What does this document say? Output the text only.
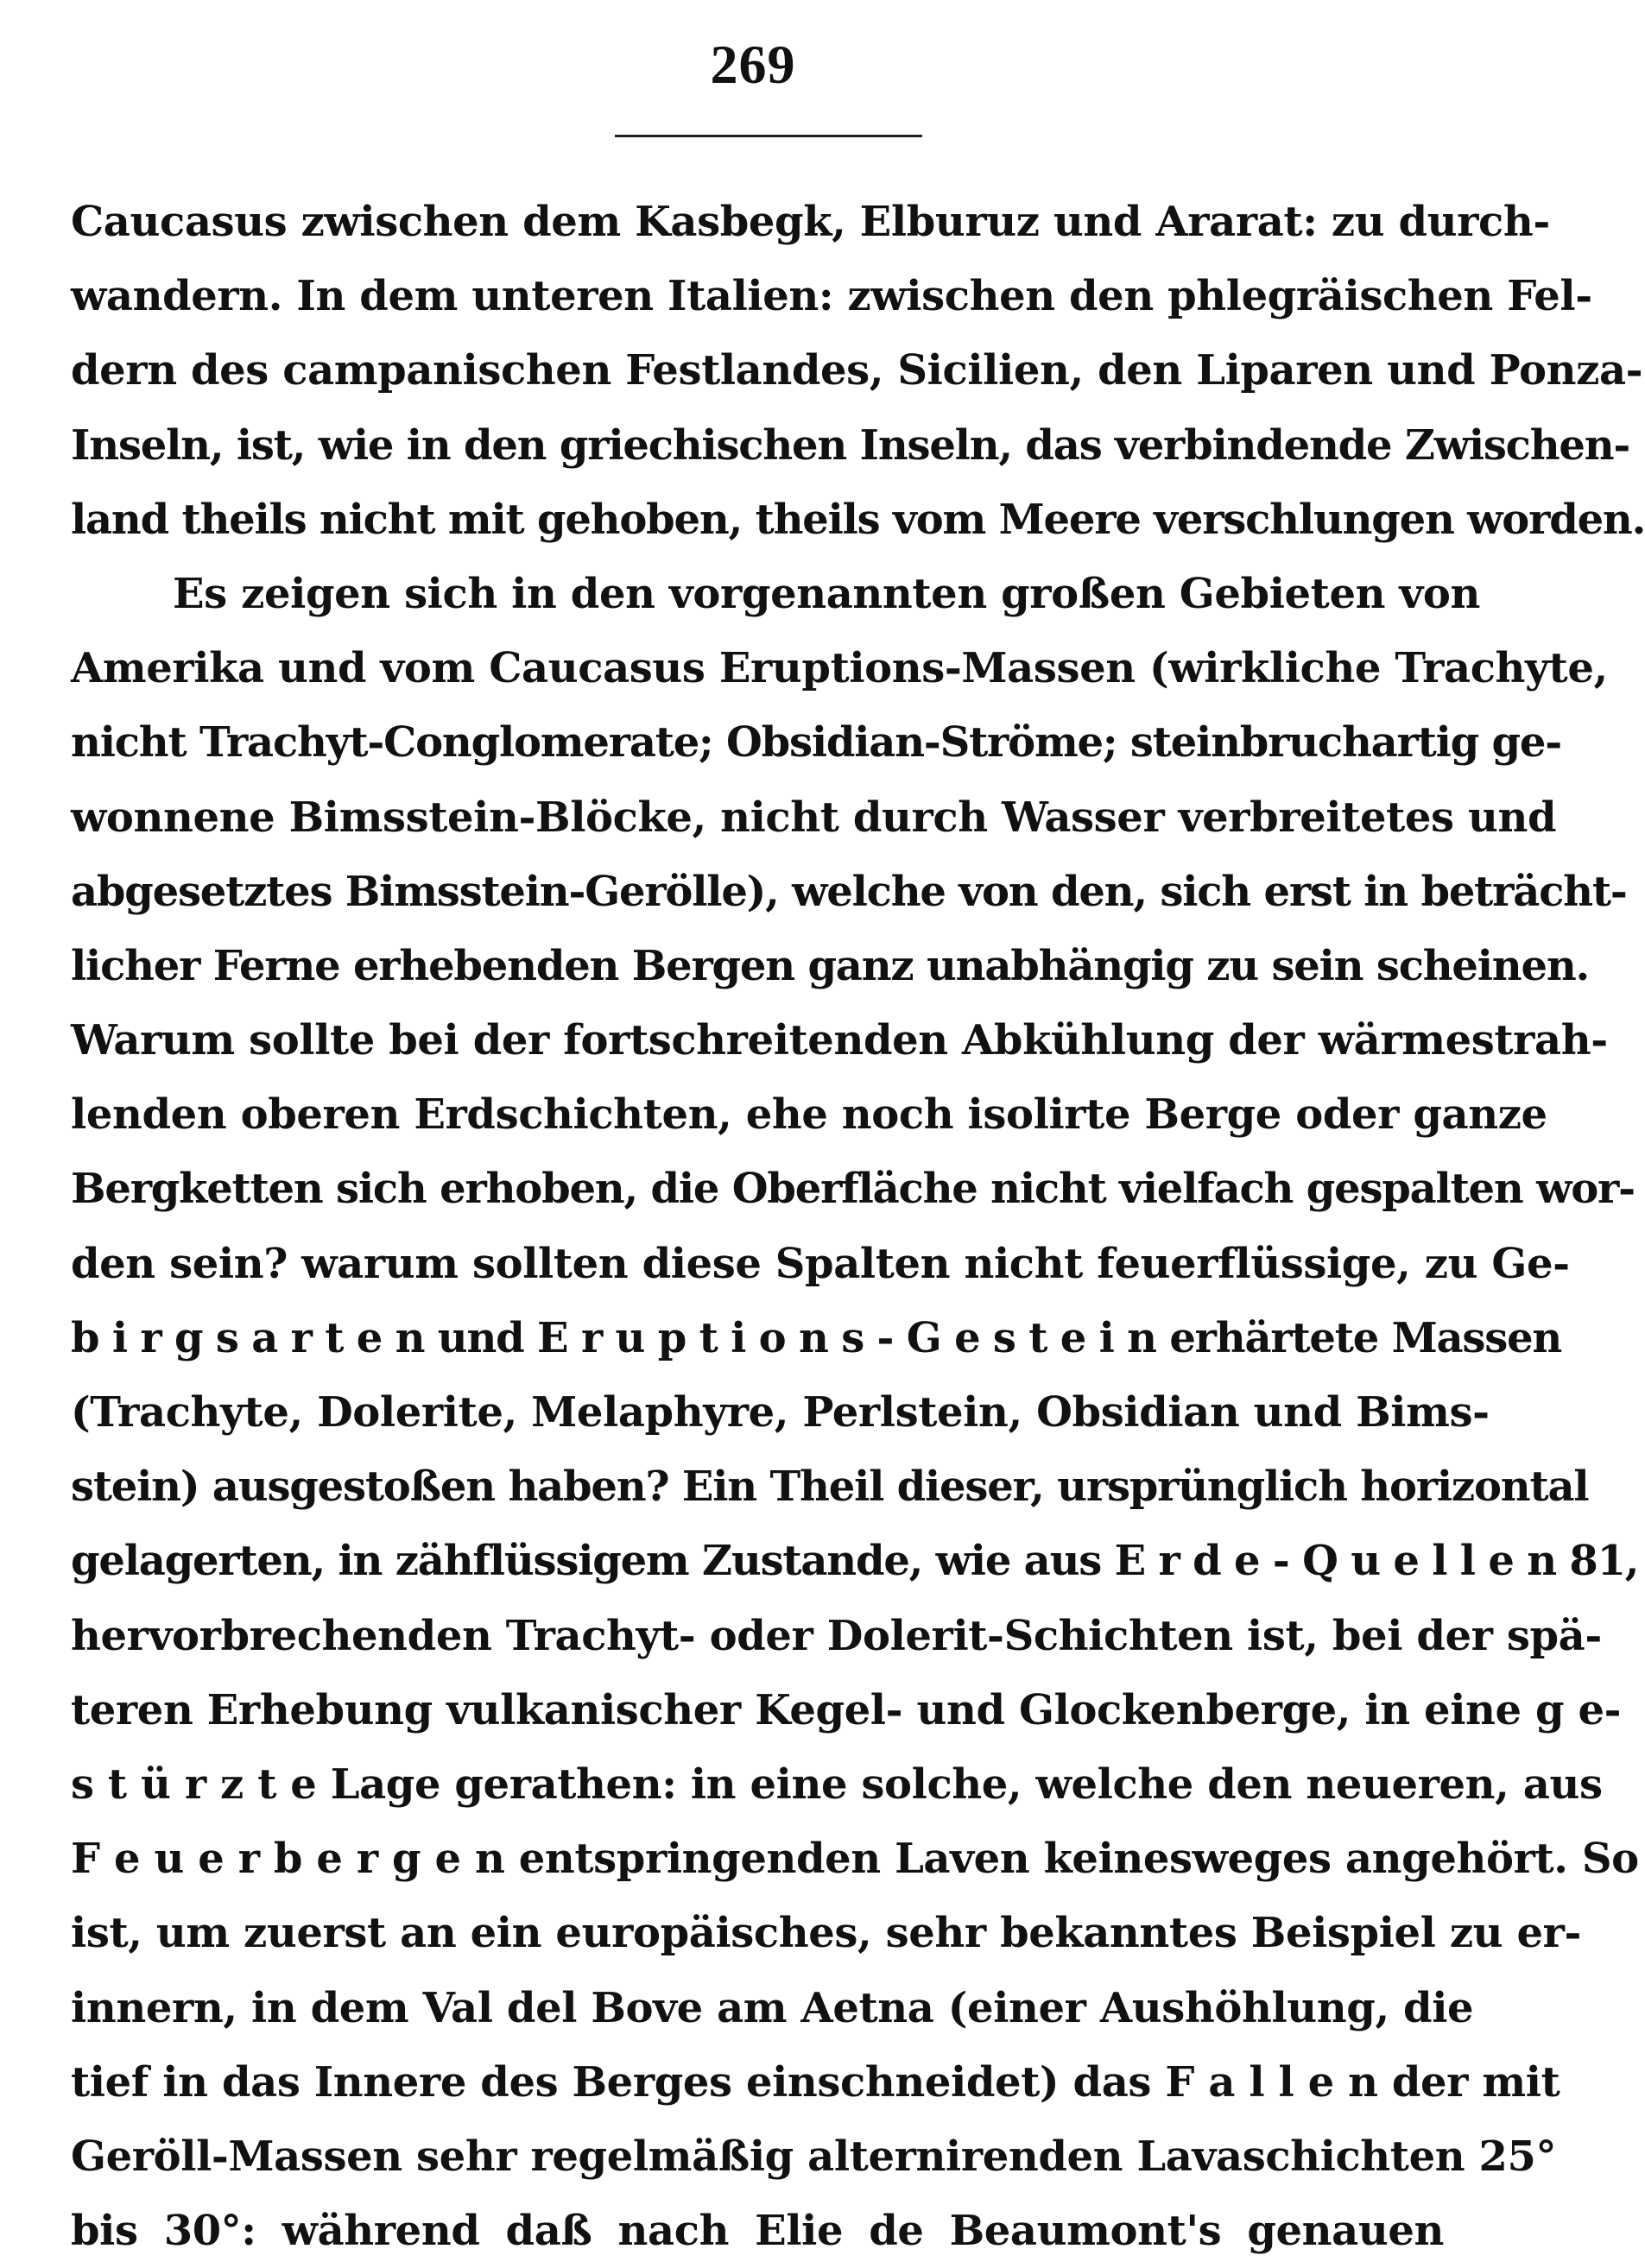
269
Caucasus zwischen dem Kasbegk, Elburuz und Ararat: zu durch-
wandern. In dem unteren Italien: zwischen den phlegräischen Fel-
dern des campanischen Festlandes, Sicilien, den Liparen und Ponza-
Inseln, ist, wie in den griechischen Inseln, das verbindende Zwischen-
land theils nicht mit gehoben, theils vom Meere verschlungen worden.
Es zeigen sich in den vorgenannten großen Gebieten von
Amerika und vom Caucasus Eruptions-Massen (wirkliche Trachyte,
nicht Trachyt-Conglomerate; Obsidian-Ströme; steinbruchartig ge-
wonnene Bimsstein-Blöcke, nicht durch Wasser verbreitetes und
abgesetztes Bimsstein-Gerölle), welche von den, sich erst in beträcht-
licher Ferne erhebenden Bergen ganz unabhängig zu sein scheinen.
Warum sollte bei der fortschreitenden Abkühlung der wärmestrah-
lenden oberen Erdschichten, ehe noch isolirte Berge oder ganze
Bergketten sich erhoben, die Oberfläche nicht vielfach gespalten wor-
den sein? warum sollten diese Spalten nicht feuerflüssige, zu Ge-
b i r g s a r t e n und E r u p t i o n s - G e s t e i n erhärtete Massen
(Trachyte, Dolerite, Melaphyre, Perlstein, Obsidian und Bims-
stein) ausgestoßen haben? Ein Theil dieser, ursprünglich horizontal
gelagerten, in zähflüssigem Zustande, wie aus E r d e - Q u e l l e n 81,
hervorbrechenden Trachyt- oder Dolerit-Schichten ist, bei der spä-
teren Erhebung vulkanischer Kegel- und Glockenberge, in eine g e-
s t ü r z t e Lage gerathen: in eine solche, welche den neueren, aus
F e u e r b e r g e n entspringenden Laven keinesweges angehört. So
ist, um zuerst an ein europäisches, sehr bekanntes Beispiel zu er-
innern, in dem Val del Bove am Aetna (einer Aushöhlung, die
tief in das Innere des Berges einschneidet) das F a l l e n der mit
Geröll-Massen sehr regelmäßig alternirenden Lavaschichten 25°
bis 30°: während daß nach Elie de Beaumont's genauen
